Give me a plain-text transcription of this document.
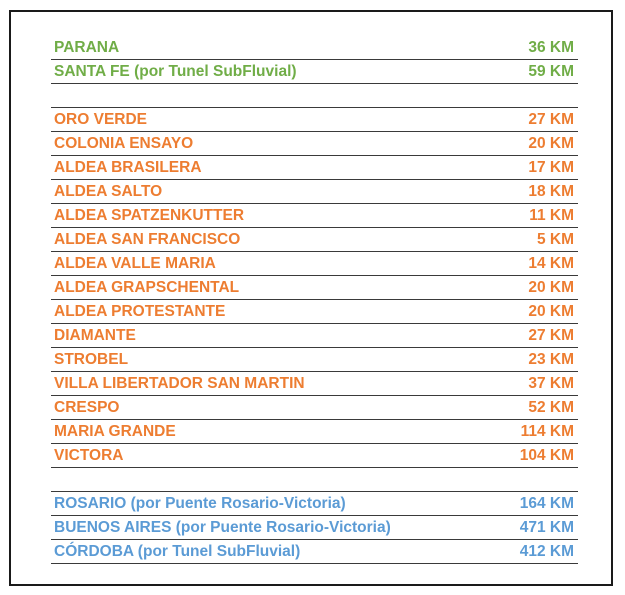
PARANA	36 KM
SANTA FE (por Tunel SubFluvial)	59 KM
ORO VERDE	27 KM
COLONIA ENSAYO	20 KM
ALDEA BRASILERA	17 KM
ALDEA SALTO	18 KM
ALDEA SPATZENKUTTER	11 KM
ALDEA SAN FRANCISCO	5 KM
ALDEA VALLE MARIA	14 KM
ALDEA GRAPSCHENTAL	20 KM
ALDEA PROTESTANTE	20 KM
DIAMANTE	27 KM
STROBEL	23 KM
VILLA LIBERTADOR SAN MARTIN	37 KM
CRESPO	52 KM
MARIA GRANDE	114 KM
VICTORA	104 KM
ROSARIO (por Puente Rosario-Victoria)	164 KM
BUENOS AIRES (por Puente Rosario-Victoria)	471 KM
CÓRDOBA (por Tunel SubFluvial)	412 KM
